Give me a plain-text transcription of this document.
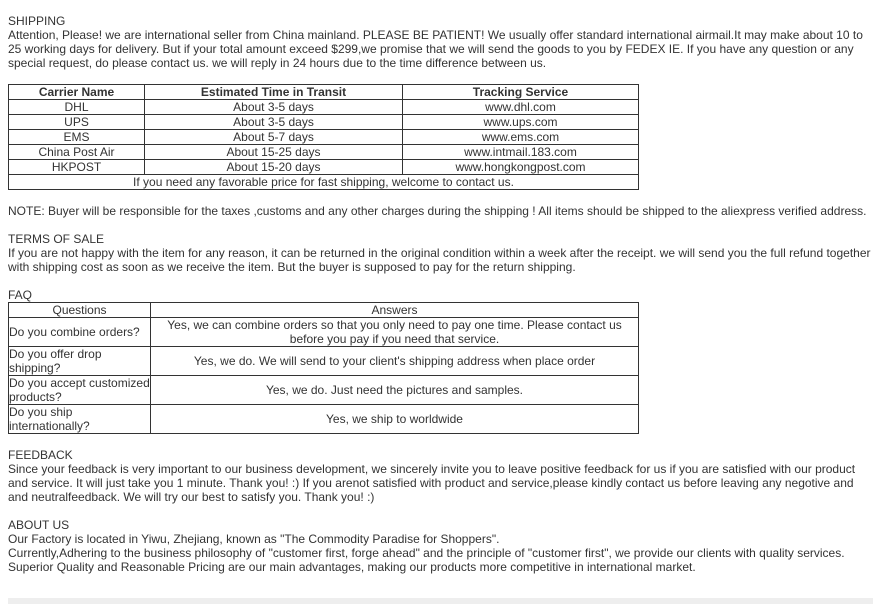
SHIPPING

Attention, Please! we are international seller from China mainland. PLEASE BE PATIENT! We usually offer standard international airmail.It may make about 10 to 25 working days for delivery. But if your total amount exceed $299,we promise that we will send the goods to you by FEDEX IE. If you have any question or any special request, do please contact us. we will reply in 24 hours due to the time difference between us.

Carrier Name	Estimated Time in Transit	Tracking Service
DHL	About 3-5 days	www.dhl.com
UPS	About 3-5 days	www.ups.com
EMS	About 5-7 days	www.ems.com
China Post Air	About 15-25 days	www.intmail.183.com
HKPOST	About 15-20 days	www.hongkongpost.com
If you need any favorable price for fast shipping, welcome to contact us.		

NOTE: Buyer will be responsible for the taxes ,customs and any other charges during the shipping ! All items should be shipped to the aliexpress verified address.

TERMS OF SALE

If you are not happy with the item for any reason, it can be returned in the original condition within a week after the receipt. we will send you the full refund together with shipping cost as soon as we receive the item. But the buyer is supposed to pay for the return shipping.

FAQ

Questions	Answers
Do you combine orders?	Yes, we can combine orders so that you only need to pay one time. Please contact us before you pay if you need that service.
Do you offer drop shipping?	Yes, we do. We will send to your client's shipping address when place order
Do you accept customized products?	Yes, we do. Just need the pictures and samples.
Do you ship internationally?	Yes, we ship to worldwide

FEEDBACK

Since your feedback is very important to our business development, we sincerely invite you to leave positive feedback for us if you are satisfied with our product and service. It will just take you 1 minute. Thank you! :) If you arenot satisfied with product and service,please kindly contact us before leaving any negotive and and neutralfeedback. We will try our best to satisfy you. Thank you! :)

ABOUT US

Our Factory is located in Yiwu, Zhejiang, known as "The Commodity Paradise for Shoppers".

Currently,Adhering to the business philosophy of "customer first, forge ahead" and the principle of "customer first", we provide our clients with quality services.

Superior Quality and Reasonable Pricing are our main advantages, making our products more competitive in international market.
